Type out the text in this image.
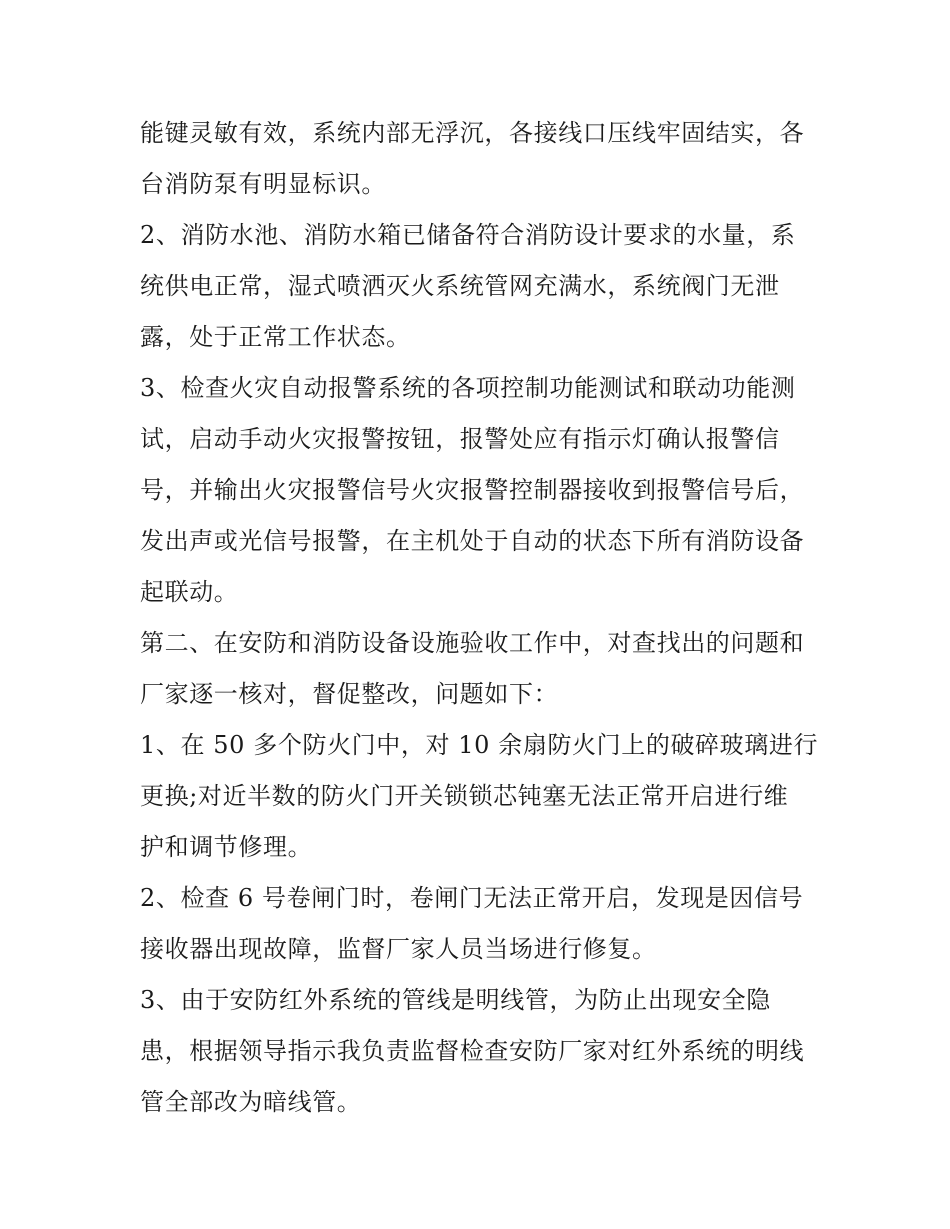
能键灵敏有效，系统内部无浮沉，各接线口压线牢固结实，各
台消防泵有明显标识。
2、消防水池、消防水箱已储备符合消防设计要求的水量，系
统供电正常，湿式喷洒灭火系统管网充满水，系统阀门无泄
露，处于正常工作状态。
3、检查火灾自动报警系统的各项控制功能测试和联动功能测
试，启动手动火灾报警按钮，报警处应有指示灯确认报警信
号，并输出火灾报警信号火灾报警控制器接收到报警信号后，
发出声或光信号报警，在主机处于自动的状态下所有消防设备
起联动。
第二、在安防和消防设备设施验收工作中，对查找出的问题和
厂家逐一核对，督促整改，问题如下：
1、在 50 多个防火门中，对 10 余扇防火门上的破碎玻璃进行
更换;对近半数的防火门开关锁锁芯钝塞无法正常开启进行维
护和调节修理。
2、检查 6 号卷闸门时，卷闸门无法正常开启，发现是因信号
接收器出现故障，监督厂家人员当场进行修复。
3、由于安防红外系统的管线是明线管，为防止出现安全隐
患，根据领导指示我负责监督检查安防厂家对红外系统的明线
管全部改为暗线管。
